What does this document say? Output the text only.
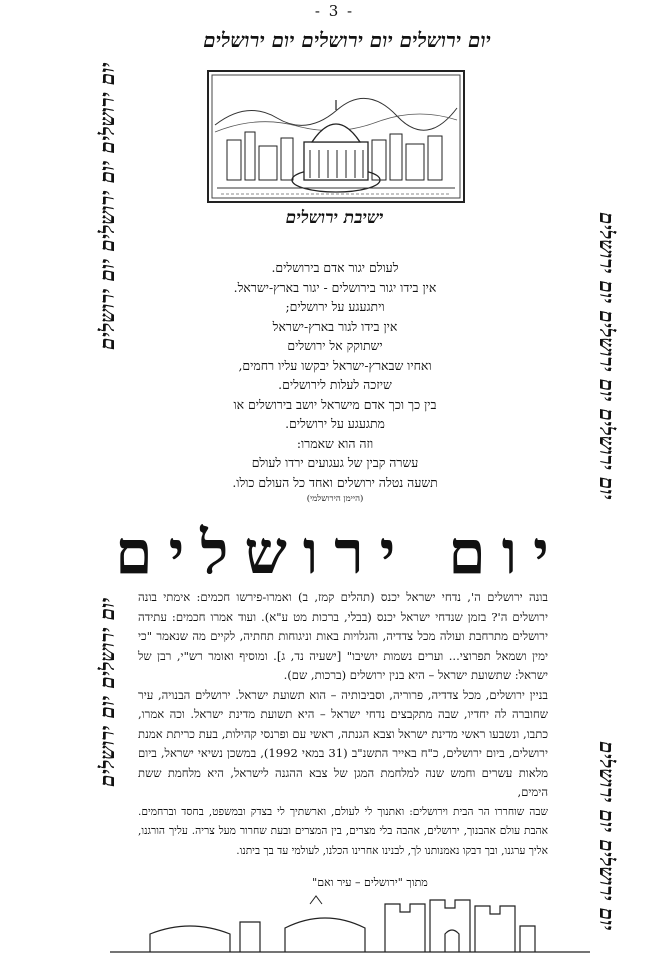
- 3 -
יום ירושלים יום ירושלים יום ירושלים
יום ירושלים יום ירושלים יום ירושלים
יום ירושלים יום ירושלים
יום ירושלים יום ירושלים יום ירושלים
יום ירושלים יום ירושלים
ישיבת ירושלים
לעולם יגור אדם בירושלים.
אין בידו יגור בירושלים - יגור בארץ-ישראל.
ויתגעגע על ירושלים;
אין בידו לגור בארץ-ישראל
ישתוקק אל ירושלים
ואחיו שבארץ-ישראל יבקשו עליו רחמים,
שיזכה לעלות לירושלים.
בין כך וכך אדם מישראל יושב בירושלים או
מתגעגע על ירושלים.
וזה הוא שאמרו:
עשרה קבין של געגועים ירדו לעולם
תשעה נטלה ירושלים ואחד כל העולם כולו.
(היימן הירושלמי)
יום ירושלים

בונה ירושלים ה', נדחי ישראל יכנס (תהלים קמז, ב) ואמרו-פירשו חכמים: אימתי בונה ירושלים ה'? בזמן שנדחי ישראל יכנס (בבלי, ברכות מט ע"א). ועוד אמרו חכמים: עתידה ירושלים מתרחבת ועולה מכל צדדיה, והגלויות באות וניגוחות תחתיה, לקיים מה שנאמר "כי ימין ושמאל תפרוצי... וערים נשמות יושיבו" [ישעיה נד, ג]. ומוסיף ואומר רש"י, רבן של ישראל: שתשועת ישראל – היא בנין ירושלים (ברכות, שם).

בניין ירושלים, מכל צדדיה, פרוריה, וסביבותיה – הוא תשועת ישראל. ירושלים הבנויה, עיר שחוברה לה יחדיו, שבה מתקבצים נדחי ישראל – היא תשועת מדינת ישראל. וכה אמרו, כתבו, ונשבעו ראשי מדינת ישראל וצבא הגנתה, ראשי עם ופרנסי קהילות, בעת כריתת אמנת ירושלים, ביום ירושלים, כ"ח באייר התשנ"ב (31 במאי 1992), במשכן נשיאי ישראל, ביום מלאות עשרים וחמש שנה למלחמת המגן של צבא ההגנה לישראל, היא מלחמת ששת הימים,

שבה שוחררו הר הבית וירושלים: ואתנוך לי לעולם, וארשתיך לי בצדק ובמשפט, בחסד וברחמים. אהבת עולם אהבנוך, ירושלים, אהבה בלי מצרים, בין המצרים ובעת שחרור מעל צריה. עליך הורגנו, אליך ערגנו, ובך דבקו נאמנותנו לך, לבנינו אחרינו הכלנו, לעולמי עד בך ביתנו.

מתוך "ירושלים – עיר ואם"
